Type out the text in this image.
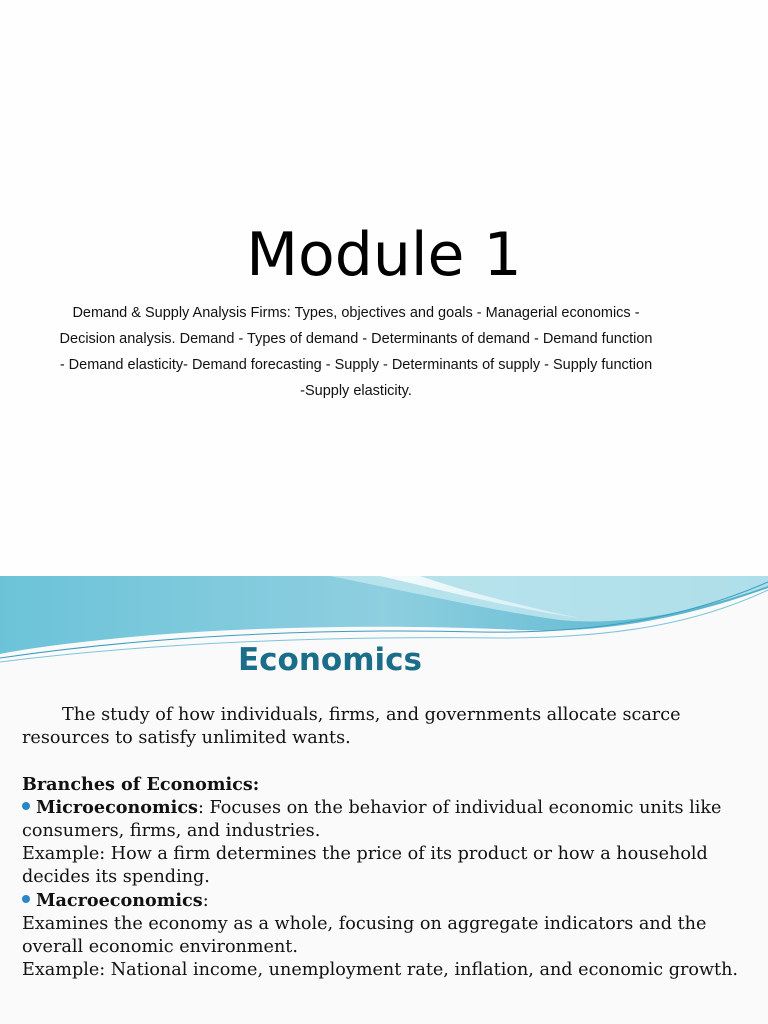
Module 1

Demand & Supply Analysis Firms: Types, objectives and goals - Managerial economics -

Decision analysis. Demand - Types of demand - Determinants of demand - Demand function

- Demand elasticity- Demand forecasting - Supply - Determinants of supply - Supply function

-Supply elasticity.

Economics

The study of how individuals, firms, and governments allocate scarce resources to satisfy unlimited wants.

Branches of Economics:

Microeconomics: Focuses on the behavior of individual economic units like consumers, firms, and industries.

Example: How a firm determines the price of its product or how a household decides its spending.

Macroeconomics:

Examines the economy as a whole, focusing on aggregate indicators and the overall economic environment.

Example: National income, unemployment rate, inflation, and economic growth.
